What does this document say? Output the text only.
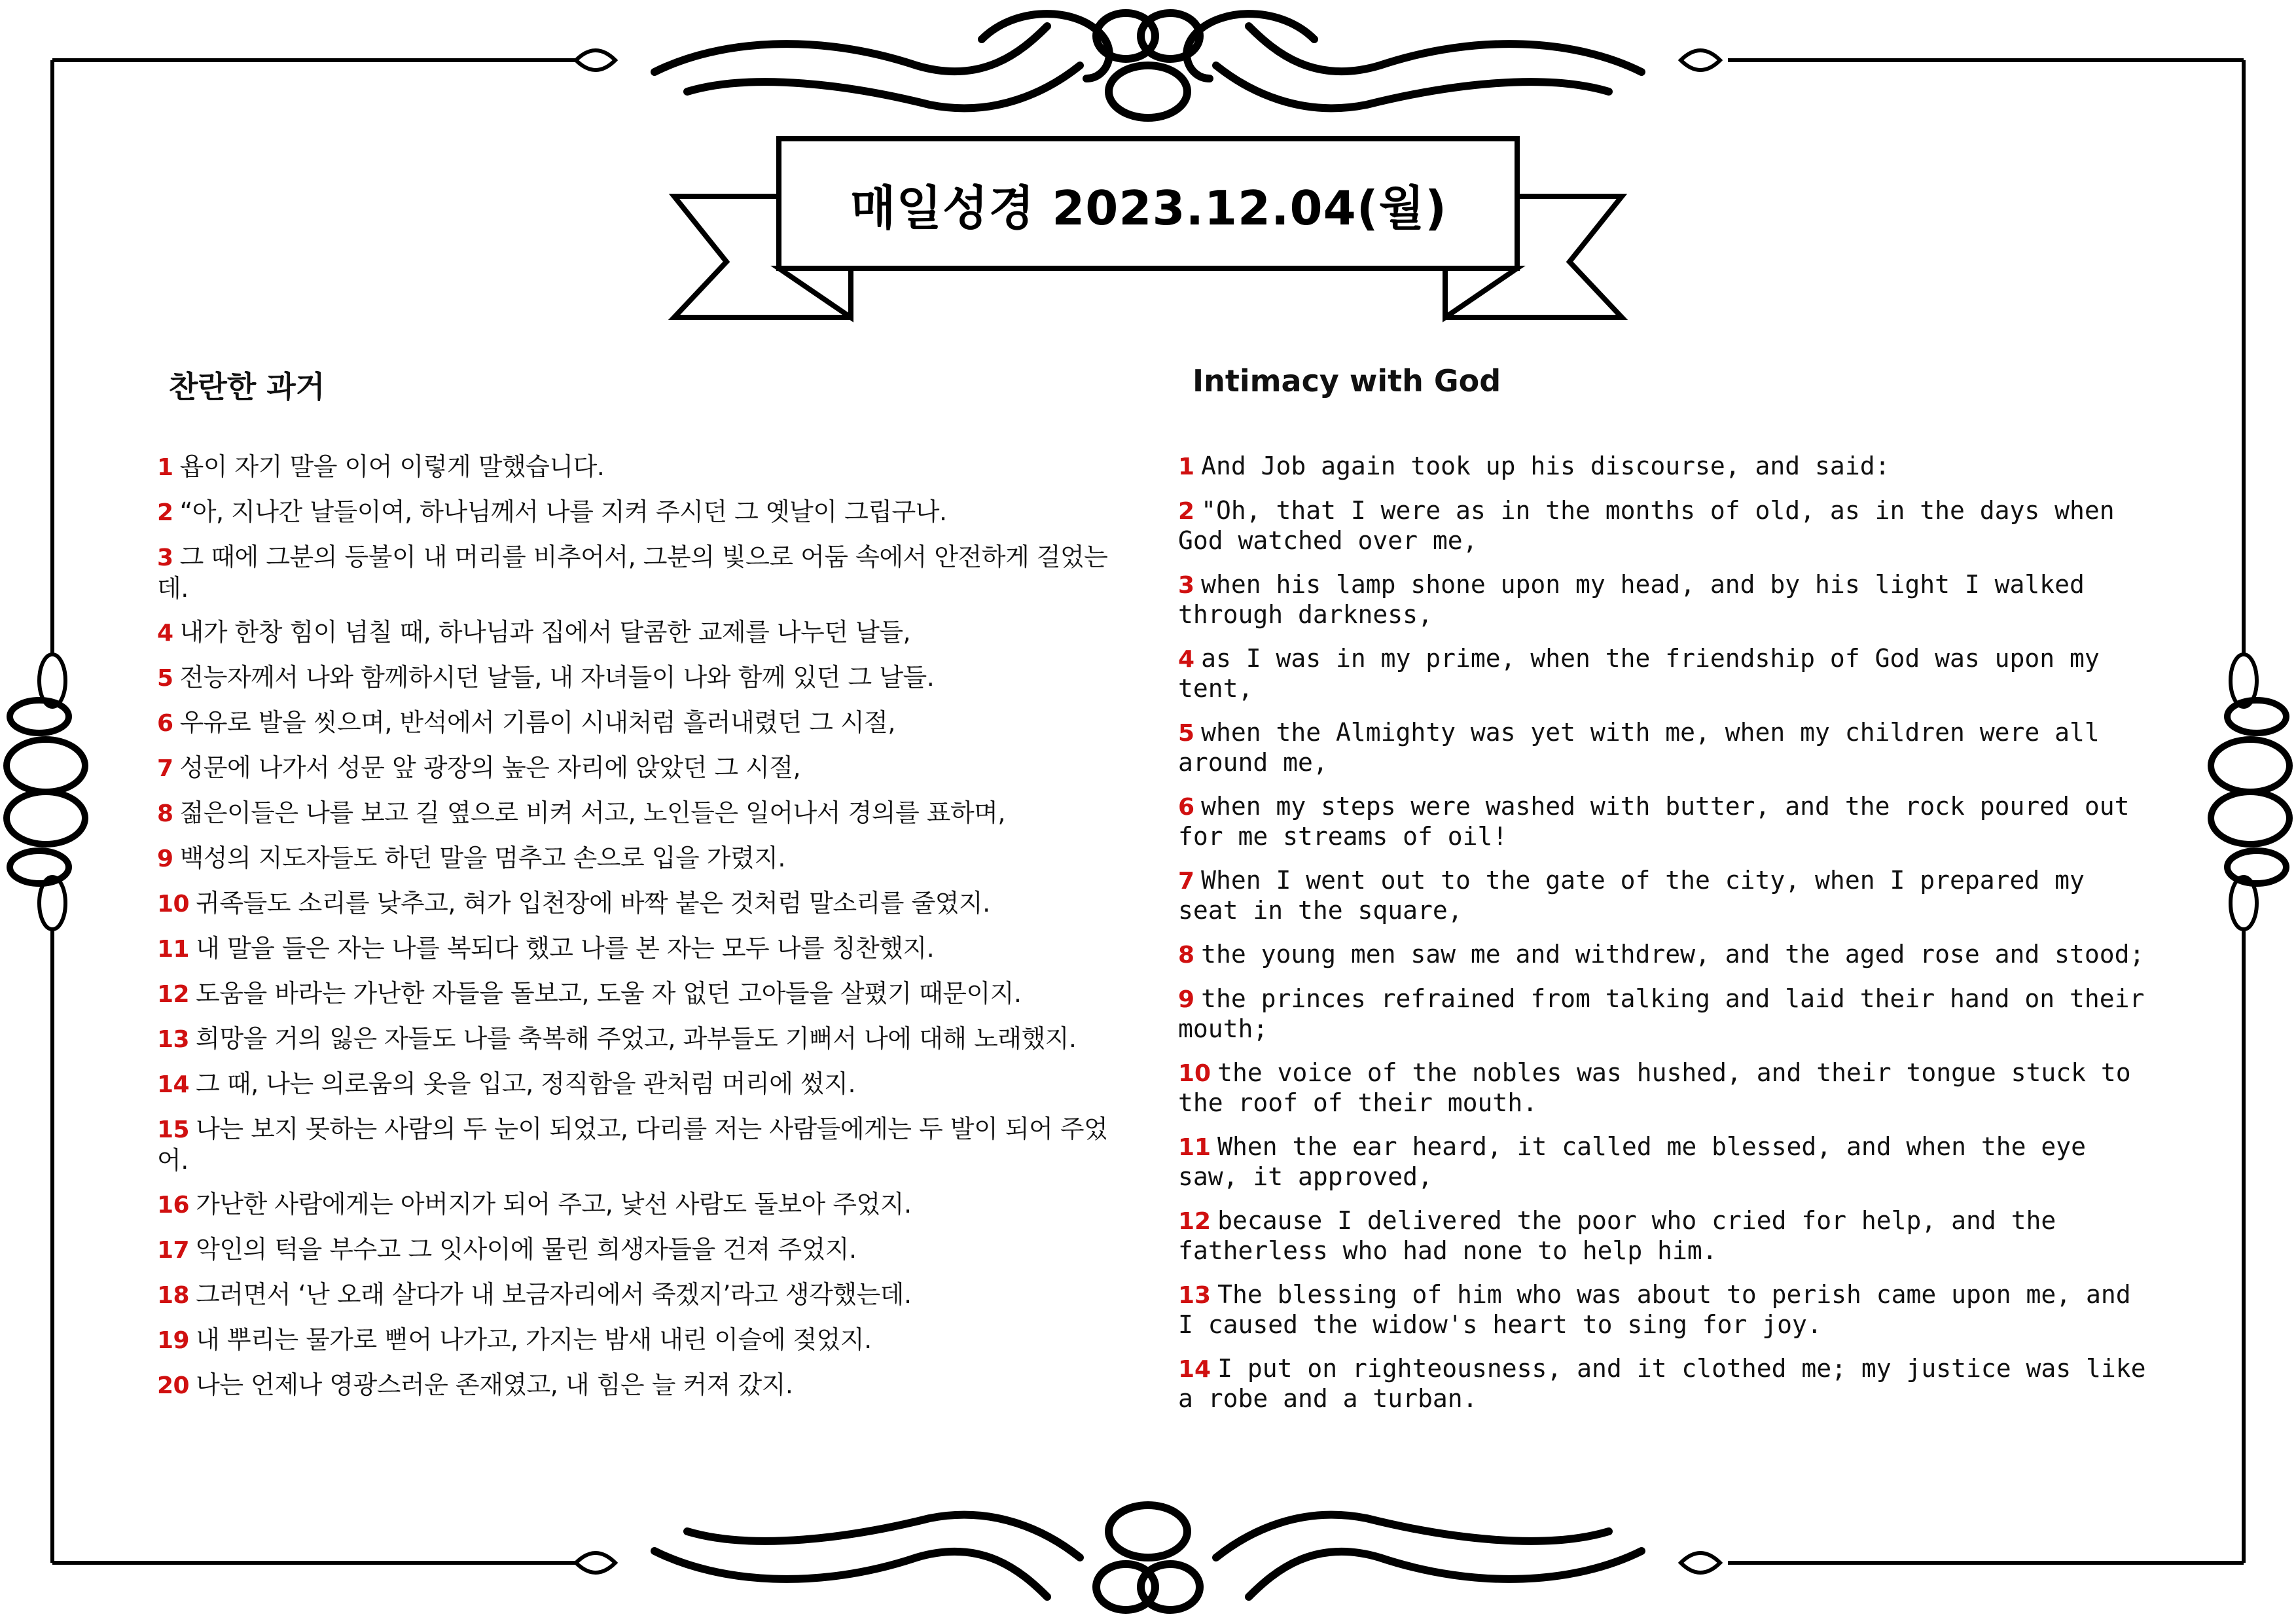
매일성경 2023.12.04(월)
찬란한 과거
1 욥이 자기 말을 이어 이렇게 말했습니다.
2 “아, 지나간 날들이여, 하나님께서 나를 지켜 주시던 그 옛날이 그립구나.
3 그 때에 그분의 등불이 내 머리를 비추어서, 그분의 빛으로 어둠 속에서 안전하게 걸었는데.
4 내가 한창 힘이 넘칠 때, 하나님과 집에서 달콤한 교제를 나누던 날들,
5 전능자께서 나와 함께하시던 날들, 내 자녀들이 나와 함께 있던 그 날들.
6 우유로 발을 씻으며, 반석에서 기름이 시내처럼 흘러내렸던 그 시절,
7 성문에 나가서 성문 앞 광장의 높은 자리에 앉았던 그 시절,
8 젊은이들은 나를 보고 길 옆으로 비켜 서고, 노인들은 일어나서 경의를 표하며,
9 백성의 지도자들도 하던 말을 멈추고 손으로 입을 가렸지.
10 귀족들도 소리를 낮추고, 혀가 입천장에 바짝 붙은 것처럼 말소리를 줄였지.
11 내 말을 들은 자는 나를 복되다 했고 나를 본 자는 모두 나를 칭찬했지.
12 도움을 바라는 가난한 자들을 돌보고, 도울 자 없던 고아들을 살폈기 때문이지.
13 희망을 거의 잃은 자들도 나를 축복해 주었고, 과부들도 기뻐서 나에 대해 노래했지.
14 그 때, 나는 의로움의 옷을 입고, 정직함을 관처럼 머리에 썼지.
15 나는 보지 못하는 사람의 두 눈이 되었고, 다리를 저는 사람들에게는 두 발이 되어 주었어.
16 가난한 사람에게는 아버지가 되어 주고, 낯선 사람도 돌보아 주었지.
17 악인의 턱을 부수고 그 잇사이에 물린 희생자들을 건져 주었지.
18 그러면서 ‘난 오래 살다가 내 보금자리에서 죽겠지’라고 생각했는데.
19 내 뿌리는 물가로 뻗어 나가고, 가지는 밤새 내린 이슬에 젖었지.
20 나는 언제나 영광스러운 존재였고, 내 힘은 늘 커져 갔지.
Intimacy with God
1 And Job again took up his discourse, and said:
2 "Oh, that I were as in the months of old, as in the days when God watched over me,
3 when his lamp shone upon my head, and by his light I walked through darkness,
4 as I was in my prime, when the friendship of God was upon my tent,
5 when the Almighty was yet with me, when my children were all around me,
6 when my steps were washed with butter, and the rock poured out for me streams of oil!
7 When I went out to the gate of the city, when I prepared my seat in the square,
8 the young men saw me and withdrew, and the aged rose and stood;
9 the princes refrained from talking and laid their hand on their mouth;
10 the voice of the nobles was hushed, and their tongue stuck to the roof of their mouth.
11 When the ear heard, it called me blessed, and when the eye saw, it approved,
12 because I delivered the poor who cried for help, and the fatherless who had none to help him.
13 The blessing of him who was about to perish came upon me, and I caused the widow's heart to sing for joy.
14 I put on righteousness, and it clothed me; my justice was like a robe and a turban.
